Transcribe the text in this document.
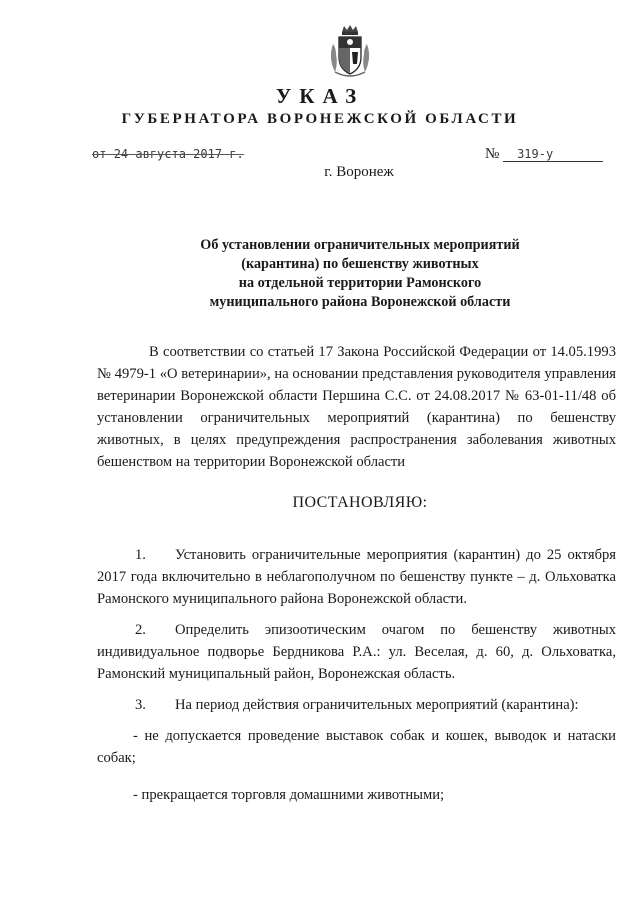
УКАЗ
ГУБЕРНАТОРА ВОРОНЕЖСКОЙ ОБЛАСТИ
от 24 августа 2017 г.	№ 319-у
г. Воронеж
Об установлении ограничительных мероприятий
(карантина) по бешенству животных
на отдельной территории Рамонского
муниципального района Воронежской области

В соответствии со статьей 17 Закона Российской Федерации от 14.05.1993 № 4979-1 «О ветеринарии», на основании представления руководителя управления ветеринарии Воронежской области Першина С.С. от 24.08.2017 № 63-01-11/48 об установлении ограничительных мероприятий (карантина) по бешенству животных, в целях предупреждения распространения заболевания животных бешенством на территории Воронежской области

ПОСТАНОВЛЯЮ:
1. Установить ограничительные мероприятия (карантин) до 25 октября 2017 года включительно в неблагополучном по бешенству пункте – д. Ольховатка Рамонского муниципального района Воронежской области.

2. Определить эпизоотическим очагом по бешенству животных индивидуальное подворье Бердникова Р.А.: ул. Веселая, д. 60, д. Ольховатка, Рамонский муниципальный район, Воронежская область.

3. На период действия ограничительных мероприятий (карантина):

- не допускается проведение выставок собак и кошек, выводок и натаски собак;
- прекращается торговля домашними животными;
